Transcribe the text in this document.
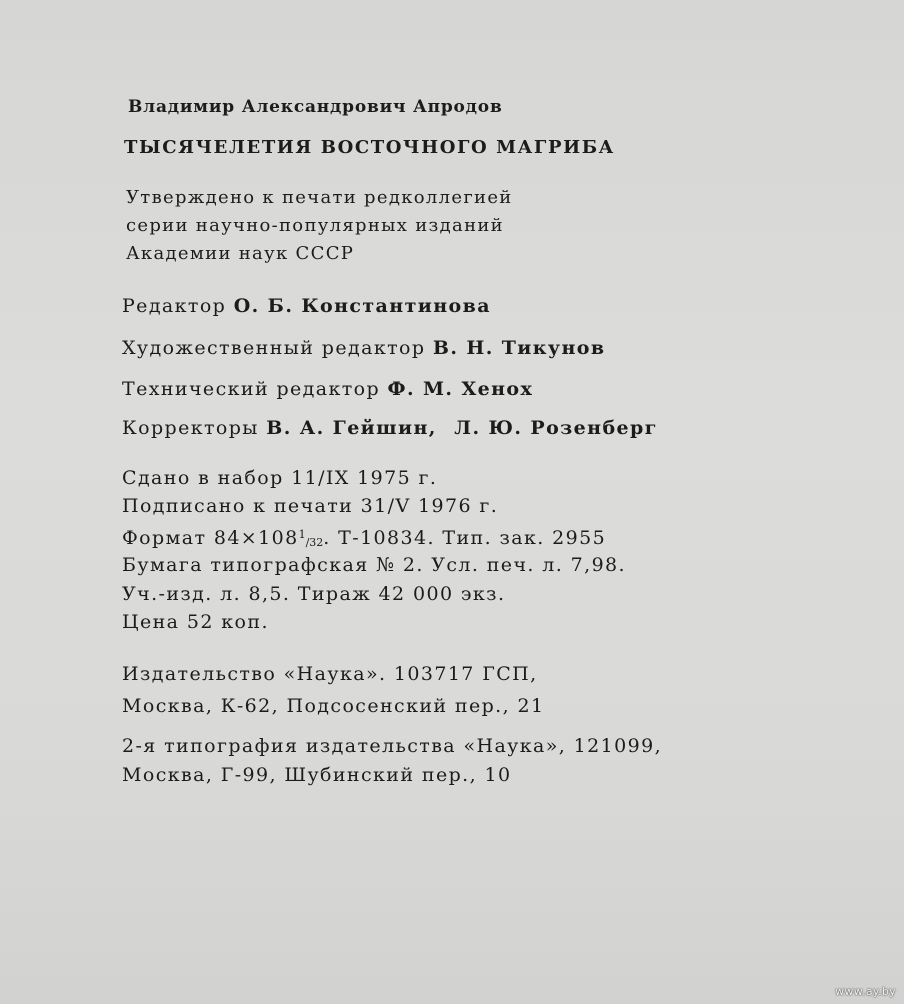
Владимир Александрович Апродов
ТЫСЯЧЕЛЕТИЯ ВОСТОЧНОГО МАГРИБА
Утверждено к печати редколлегией
серии научно-популярных изданий
Академии наук СССР
Редактор О. Б. Константинова
Художественный редактор В. Н. Тикунов
Технический редактор Ф. М. Хенох
Корректоры В. А. Гейшин, Л. Ю. Розенберг
Сдано в набор 11/IX 1975 г.
Подписано к печати 31/V 1976 г.
Формат $84\times 108^1/32$. Т-10834. Тип. зак. 2955
Бумага типографская № 2. Усл. печ. л. 7,98.
Уч.-изд. л. 8,5. Тираж 42 000 экз.
Цена 52 коп.
Издательство «Наука». 103717 ГСП,
Москва, К-62, Подсосенский пер., 21
2-я типография издательства «Наука», 121099,
Москва, Г-99, Шубинский пер., 10
www.ay.by
